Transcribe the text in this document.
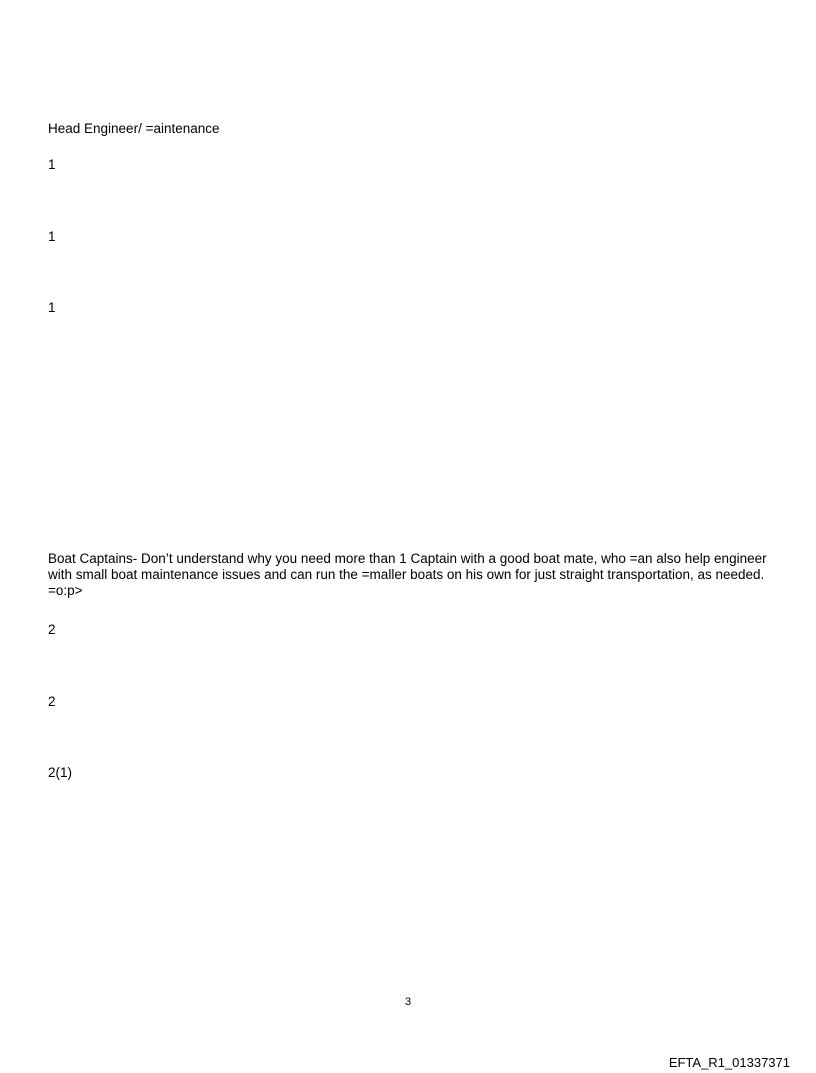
Head Engineer/ =aintenance
1
1
1
Boat Captains- Don’t understand why you need more than 1 Captain with a good boat mate, who =an also help engineer
with small boat maintenance issues and can run the =maller boats on his own for just straight transportation, as needed.
=o:p>
2
2
2(1)
3
EFTA_R1_01337371
